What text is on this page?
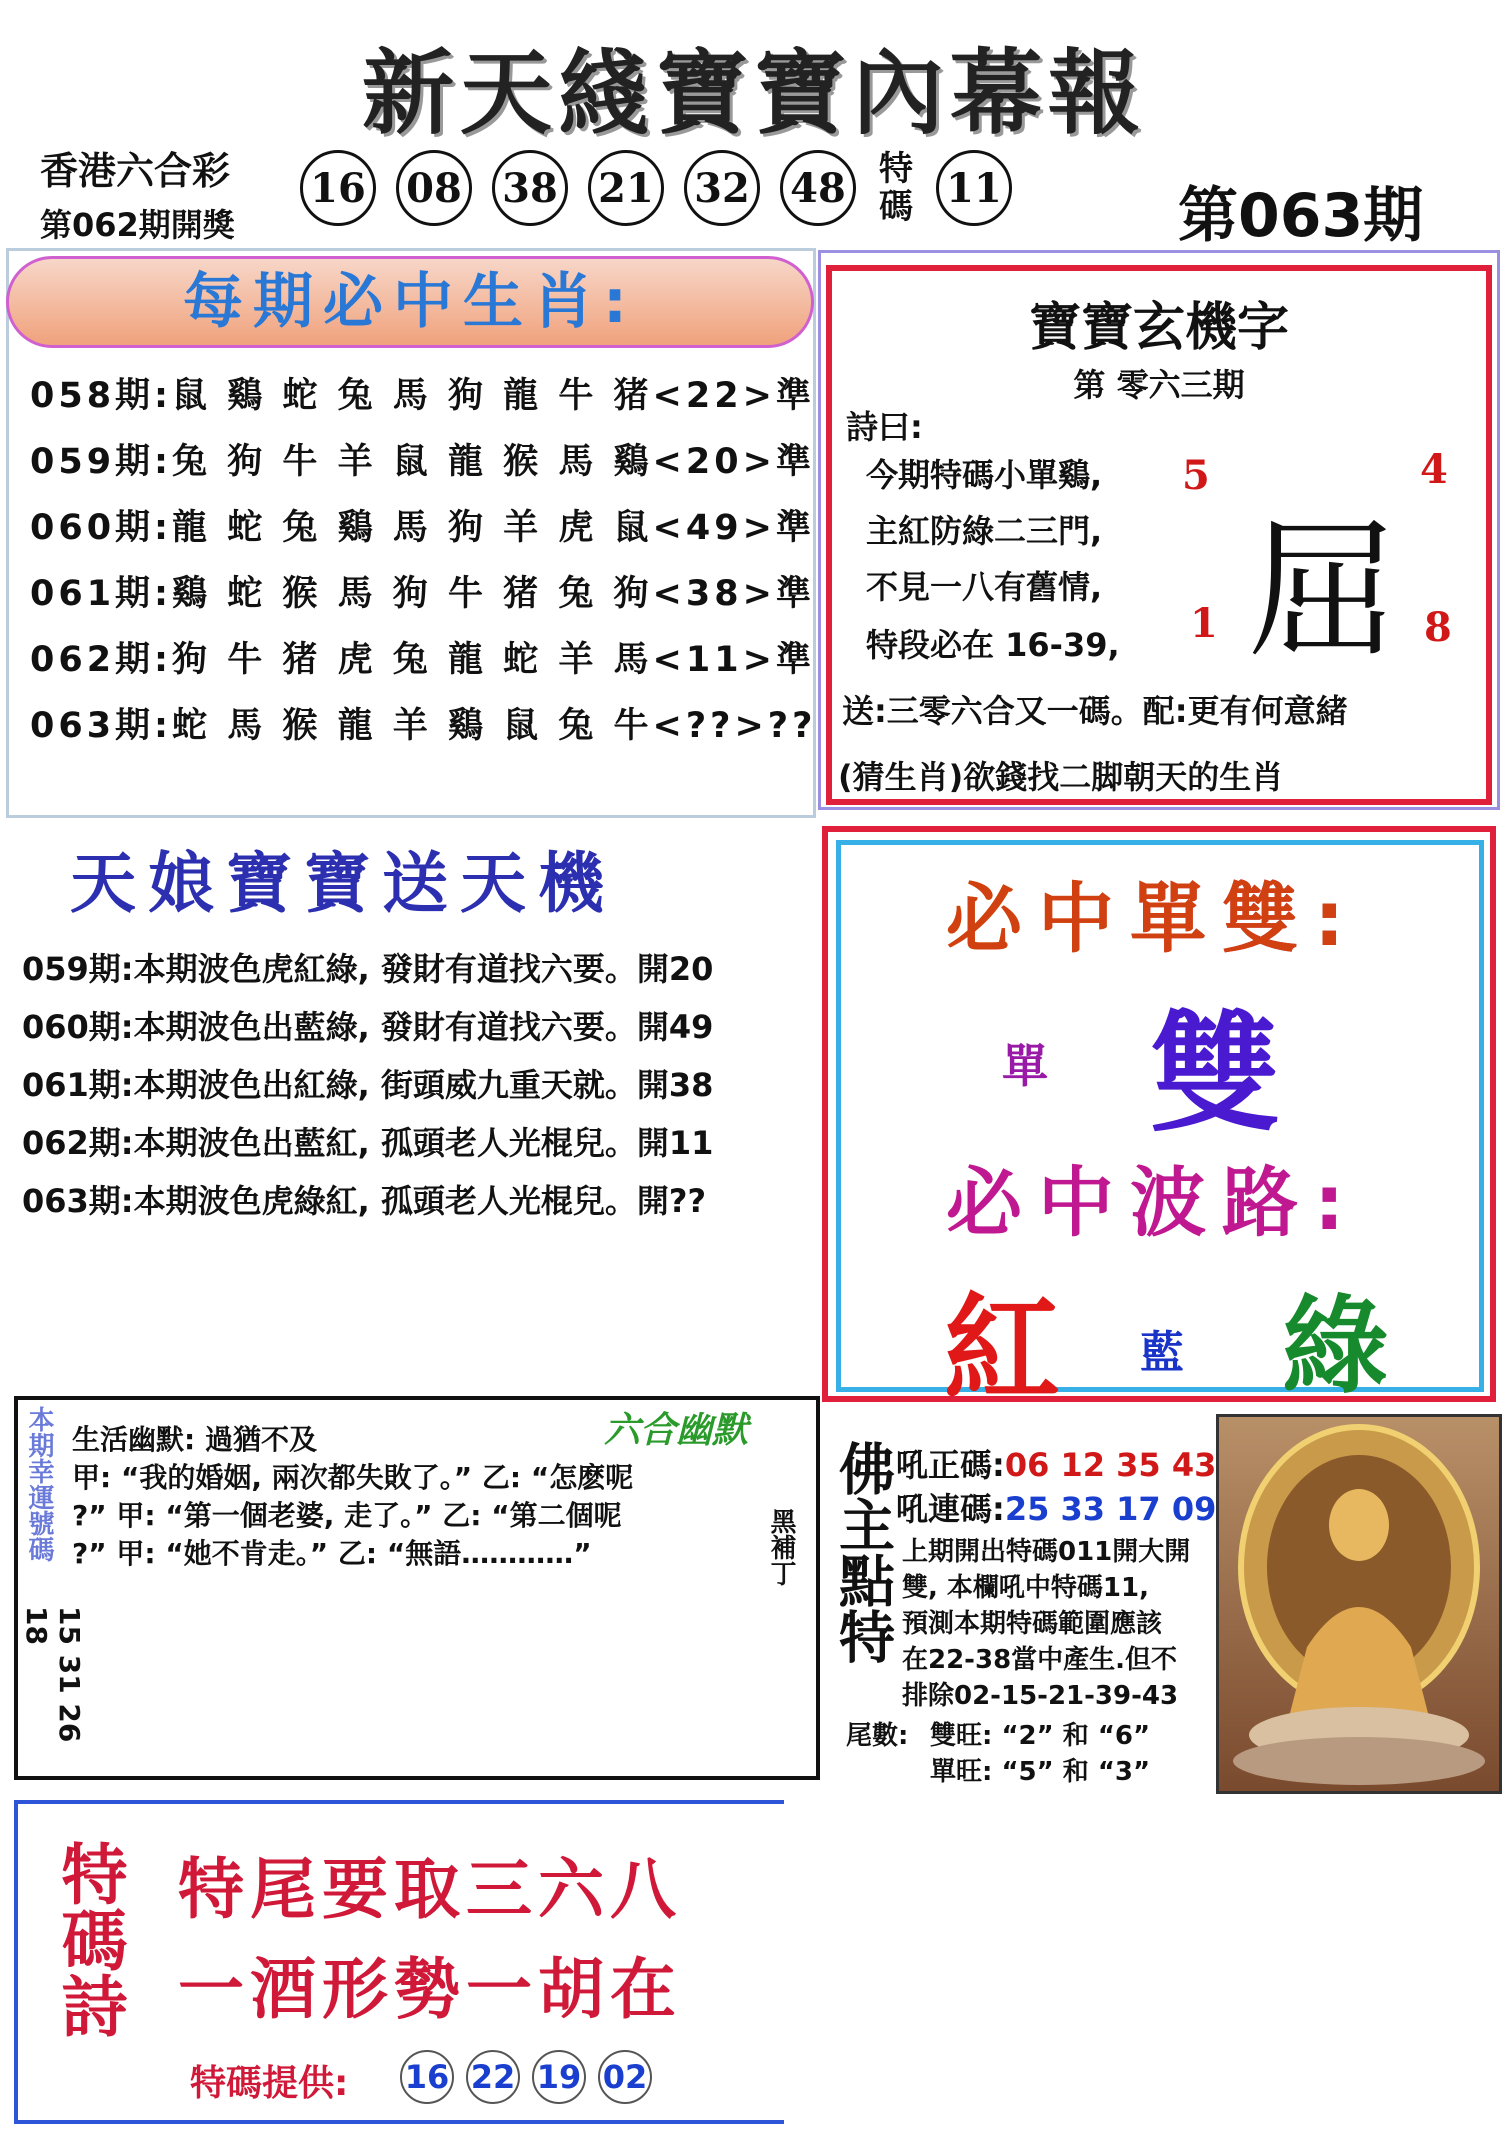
新天綫寶寶內幕報
香港六合彩
第062期開獎
16 08 38 21 32 48 特碼 11	第063期
每期必中生肖:
058期:鼠 鷄 蛇 兔 馬 狗 龍 牛 猪<22>準
059期:兔 狗 牛 羊 鼠 龍 猴 馬 鷄<20>準
060期:龍 蛇 兔 鷄 馬 狗 羊 虎 鼠<49>準
061期:鷄 蛇 猴 馬 狗 牛 猪 兔 狗<38>準
062期:狗 牛 猪 虎 兔 龍 蛇 羊 馬<11>準
063期:蛇 馬 猴 龍 羊 鷄 鼠 兔 牛<??>??
寶寶玄機字
第 零六三期
詩曰:
今期特碼小單鷄,
主紅防綠二三門,
不見一八有舊情,
特段必在 16-39,
5	4
1	8
屈
送:三零六合又一碼。配:更有何意緒
(猜生肖)欲錢找二脚朝天的生肖
天娘寶寶送天機
059期:本期波色虎紅綠, 發財有道找六要。開20
060期:本期波色出藍綠, 發財有道找六要。開49
061期:本期波色出紅綠, 街頭威九重天就。開38
062期:本期波色出藍紅, 孤頭老人光棍兒。開11
063期:本期波色虎綠紅, 孤頭老人光棍兒。開??
必中單雙:
單 雙
必中波路:
紅 藍 綠
本期幸運號碼
15 31 26 18
生活幽默: 過猶不及	六合幽默
甲: “我的婚姻, 兩次都失敗了。” 乙: “怎麽呢
?” 甲: “第一個老婆, 走了。” 乙: “第二個呢
?” 甲: “她不肯走。” 乙: “無語…………”	黑補丁 佛主點特 吼正碼:06 12 35 43
吼連碼:25 33 17 09
上期開出特碼011開大開
雙, 本欄吼中特碼11,
預測本期特碼範圍應該
在22-38當中產生.但不
排除02-15-21-39-43
尾數: 雙旺: “2” 和 “6”
單旺: “5” 和 “3”
特碼詩 特尾要取三六八
一酒形勢一胡在
特碼提供: 16 22 19 02
